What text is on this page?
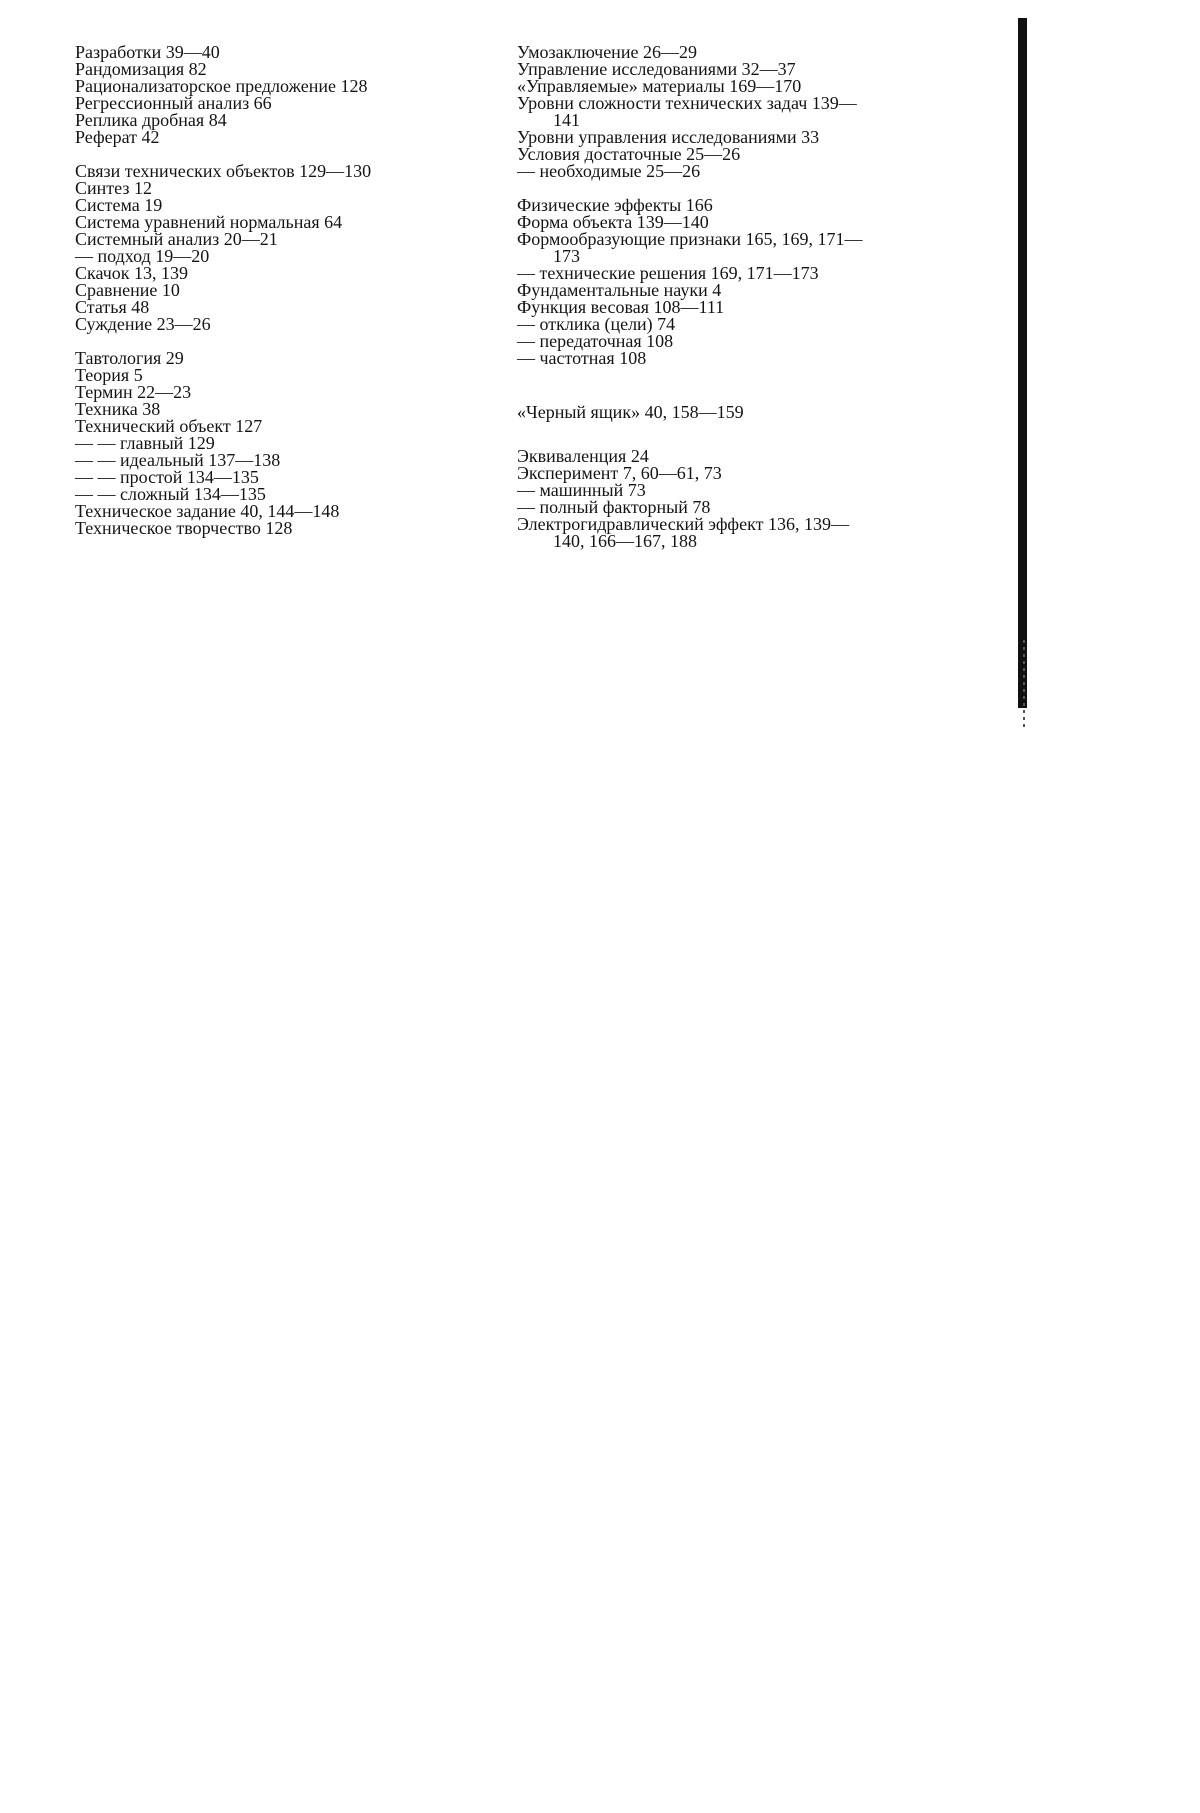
Разработки 39—40
Рандомизация 82
Рационализаторское предложение 128
Регрессионный анализ 66
Реплика дробная 84
Реферат 42
Связи технических объектов 129—130
Синтез 12
Система 19
Система уравнений нормальная 64
Системный анализ 20—21
— подход 19—20
Скачок 13, 139
Сравнение 10
Статья 48
Суждение 23—26
Тавтология 29
Теория 5
Термин 22—23
Техника 38
Технический объект 127
— — главный 129
— — идеальный 137—138
— — простой 134—135
— — сложный 134—135
Техническое задание 40, 144—148
Техническое творчество 128
Умозаключение 26—29
Управление исследованиями 32—37
«Управляемые» материалы 169—170
Уровни сложности технических задач 139—
141
Уровни управления исследованиями 33
Условия достаточные 25—26
— необходимые 25—26
Физические эффекты 166
Форма объекта 139—140
Формообразующие признаки 165, 169, 171—
173
— технические решения 169, 171—173
Фундаментальные науки 4
Функция весовая 108—111
— отклика (цели) 74
— передаточная 108
— частотная 108
«Черный ящик» 40, 158—159
Эквиваленция 24
Эксперимент 7, 60—61, 73
— машинный 73
— полный факторный 78
Электрогидравлический эффект 136, 139—
140, 166—167, 188
